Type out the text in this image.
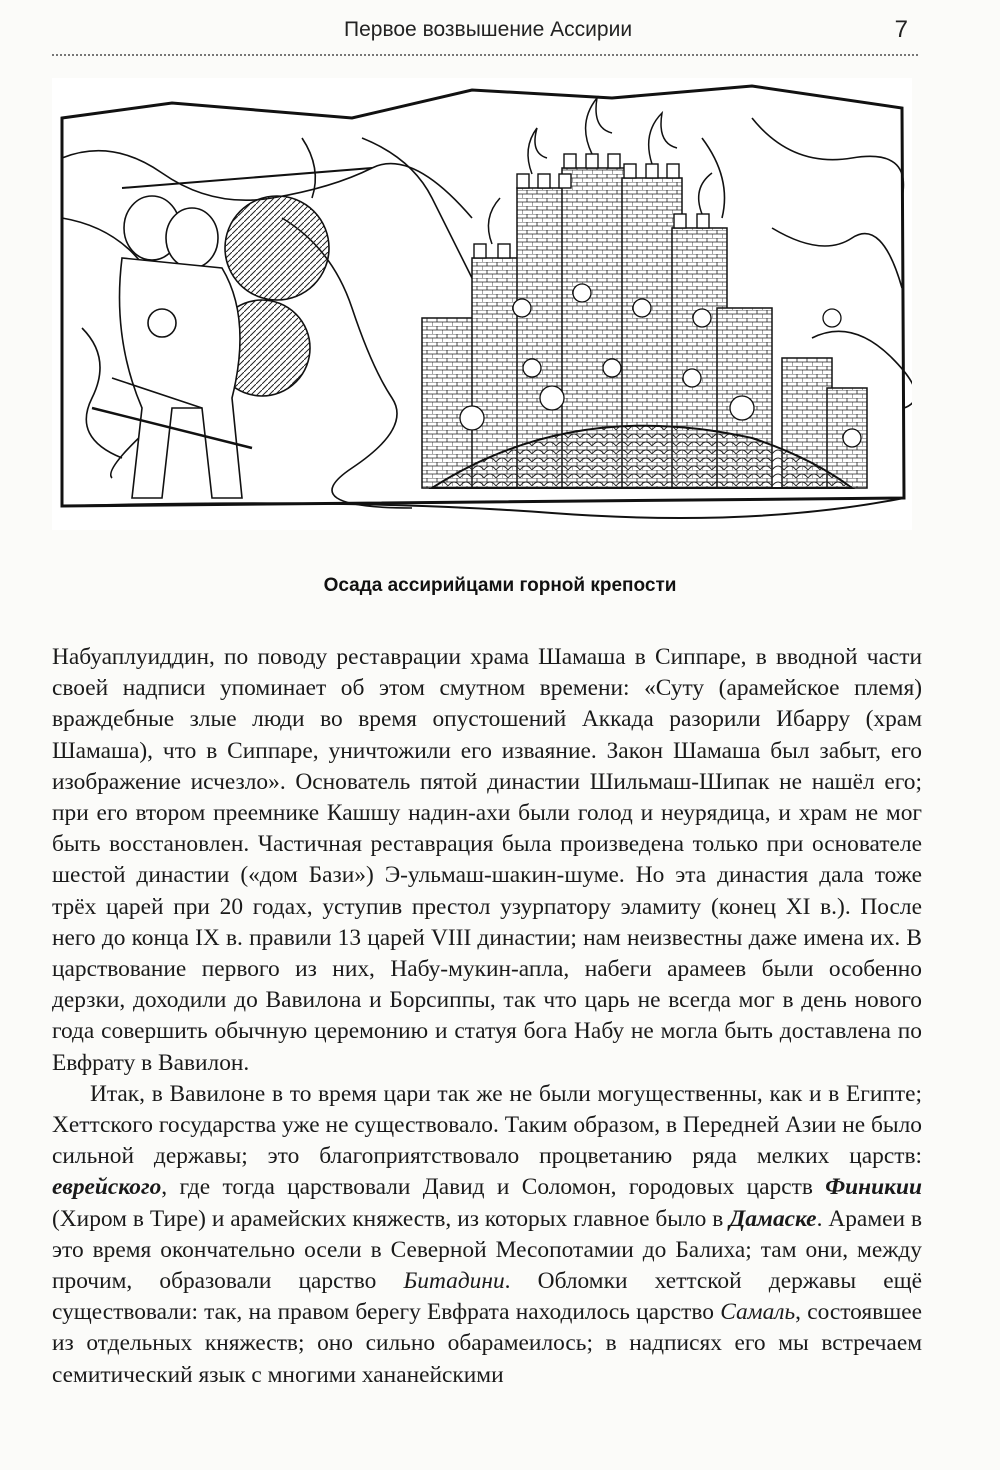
Первое возвышение Ассирии	7
Осада ассирийцами горной крепости

Набуаплуиддин, по поводу реставрации храма Шамаша в Сиппаре, в вводной части своей надписи упоминает об этом смутном времени: «Суту (арамейское племя) враждебные злые люди во время опустошений Аккада разорили Ибарру (храм Шамаша), что в Сиппаре, уничтожили его изваяние. Закон Шамаша был забыт, его изображение исчезло». Основатель пятой династии Шильмаш-Шипак не нашёл его; при его втором преемнике Кашшу надин-ахи были голод и неурядица, и храм не мог быть восстановлен. Частичная реставрация была произведена только при основателе шестой династии («дом Бази») Э-ульмаш-шакин-шуме. Но эта династия дала тоже трёх царей при 20 годах, уступив престол узурпатору эламиту (конец XI в.). После него до конца IX в. правили 13 царей VIII династии; нам неизвестны даже имена их. В царствование первого из них, Набу-мукин-апла, набеги арамеев были особенно дерзки, доходили до Вавилона и Борсиппы, так что царь не всегда мог в день нового года совершить обычную церемонию и статуя бога Набу не могла быть доставлена по Евфрату в Вавилон.

Итак, в Вавилоне в то время цари так же не были могущественны, как и в Египте; Хеттского государства уже не существовало. Таким образом, в Передней Азии не было сильной державы; это благоприятствовало процветанию ряда мелких царств: еврейского, где тогда царствовали Давид и Соломон, городовых царств Финикии (Хиром в Тире) и арамейских княжеств, из которых главное было в Дамаске. Арамеи в это время окончательно осели в Северной Месопотамии до Балиха; там они, между прочим, образовали царство Битадини. Обломки хеттской державы ещё существовали: так, на правом берегу Евфрата находилось царство Самаль, состоявшее из отдельных княжеств; оно сильно обарамеилось; в надписях его мы встречаем семитический язык с многими хананейскими
